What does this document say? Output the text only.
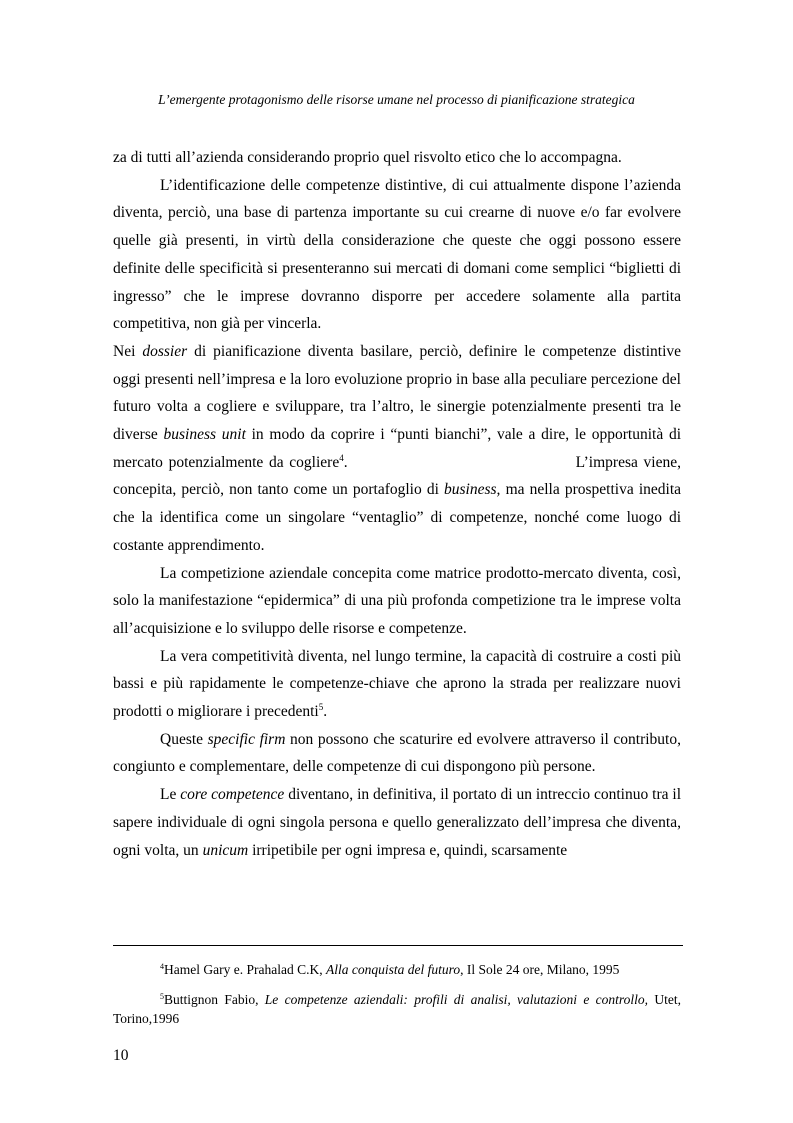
L’emergente protagonismo delle risorse umane nel processo di pianificazione strategica

za di tutti all’azienda considerando proprio quel risvolto etico che lo accompagna.

L’identificazione delle competenze distintive, di cui attualmente dispone l’azienda diventa, perciò, una base di partenza importante su cui crearne di nuove e/o far evolvere quelle già presenti, in virtù della considerazione che queste che oggi possono essere definite delle specificità si presenteranno sui mercati di domani come semplici “biglietti di ingresso” che le imprese dovranno disporre per accedere solamente alla partita competitiva, non già per vincerla.

Nei dossier di pianificazione diventa basilare, perciò, definire le competenze distintive oggi presenti nell’impresa e la loro evoluzione proprio in base alla peculiare percezione del futuro volta a cogliere e sviluppare, tra l’altro, le sinergie potenzialmente presenti tra le diverse business unit in modo da coprire i “punti bianchi”, vale a dire, le opportunità di mercato potenzialmente da cogliere$^4$.	L’impresa viene, concepita, perciò, non tanto come un portafoglio di business, ma nella prospettiva inedita che la identifica come un singolare “ventaglio” di competenze, nonché come luogo di costante apprendimento.

La competizione aziendale concepita come matrice prodotto-mercato diventa, così, solo la manifestazione “epidermica” di una più profonda competizione tra le imprese volta all’acquisizione e lo sviluppo delle risorse e competenze.

La vera competitività diventa, nel lungo termine, la capacità di costruire a costi più bassi e più rapidamente le competenze-chiave che aprono la strada per realizzare nuovi prodotti o migliorare i precedenti$^5$.

Queste specific firm non possono che scaturire ed evolvere attraverso il contributo, congiunto e complementare, delle competenze di cui dispongono più persone.

Le core competence diventano, in definitiva, il portato di un intreccio continuo tra il sapere individuale di ogni singola persona e quello generalizzato dell’impresa che diventa, ogni volta, un unicum irripetibile per ogni impresa e, quindi, scarsamente

$^4$Hamel Gary e. Prahalad C.K, Alla conquista del futuro, Il Sole 24 ore, Milano, 1995

$^5$Buttignon Fabio, Le competenze aziendali: profili di analisi, valutazioni e controllo, Utet, Torino,1996

10
